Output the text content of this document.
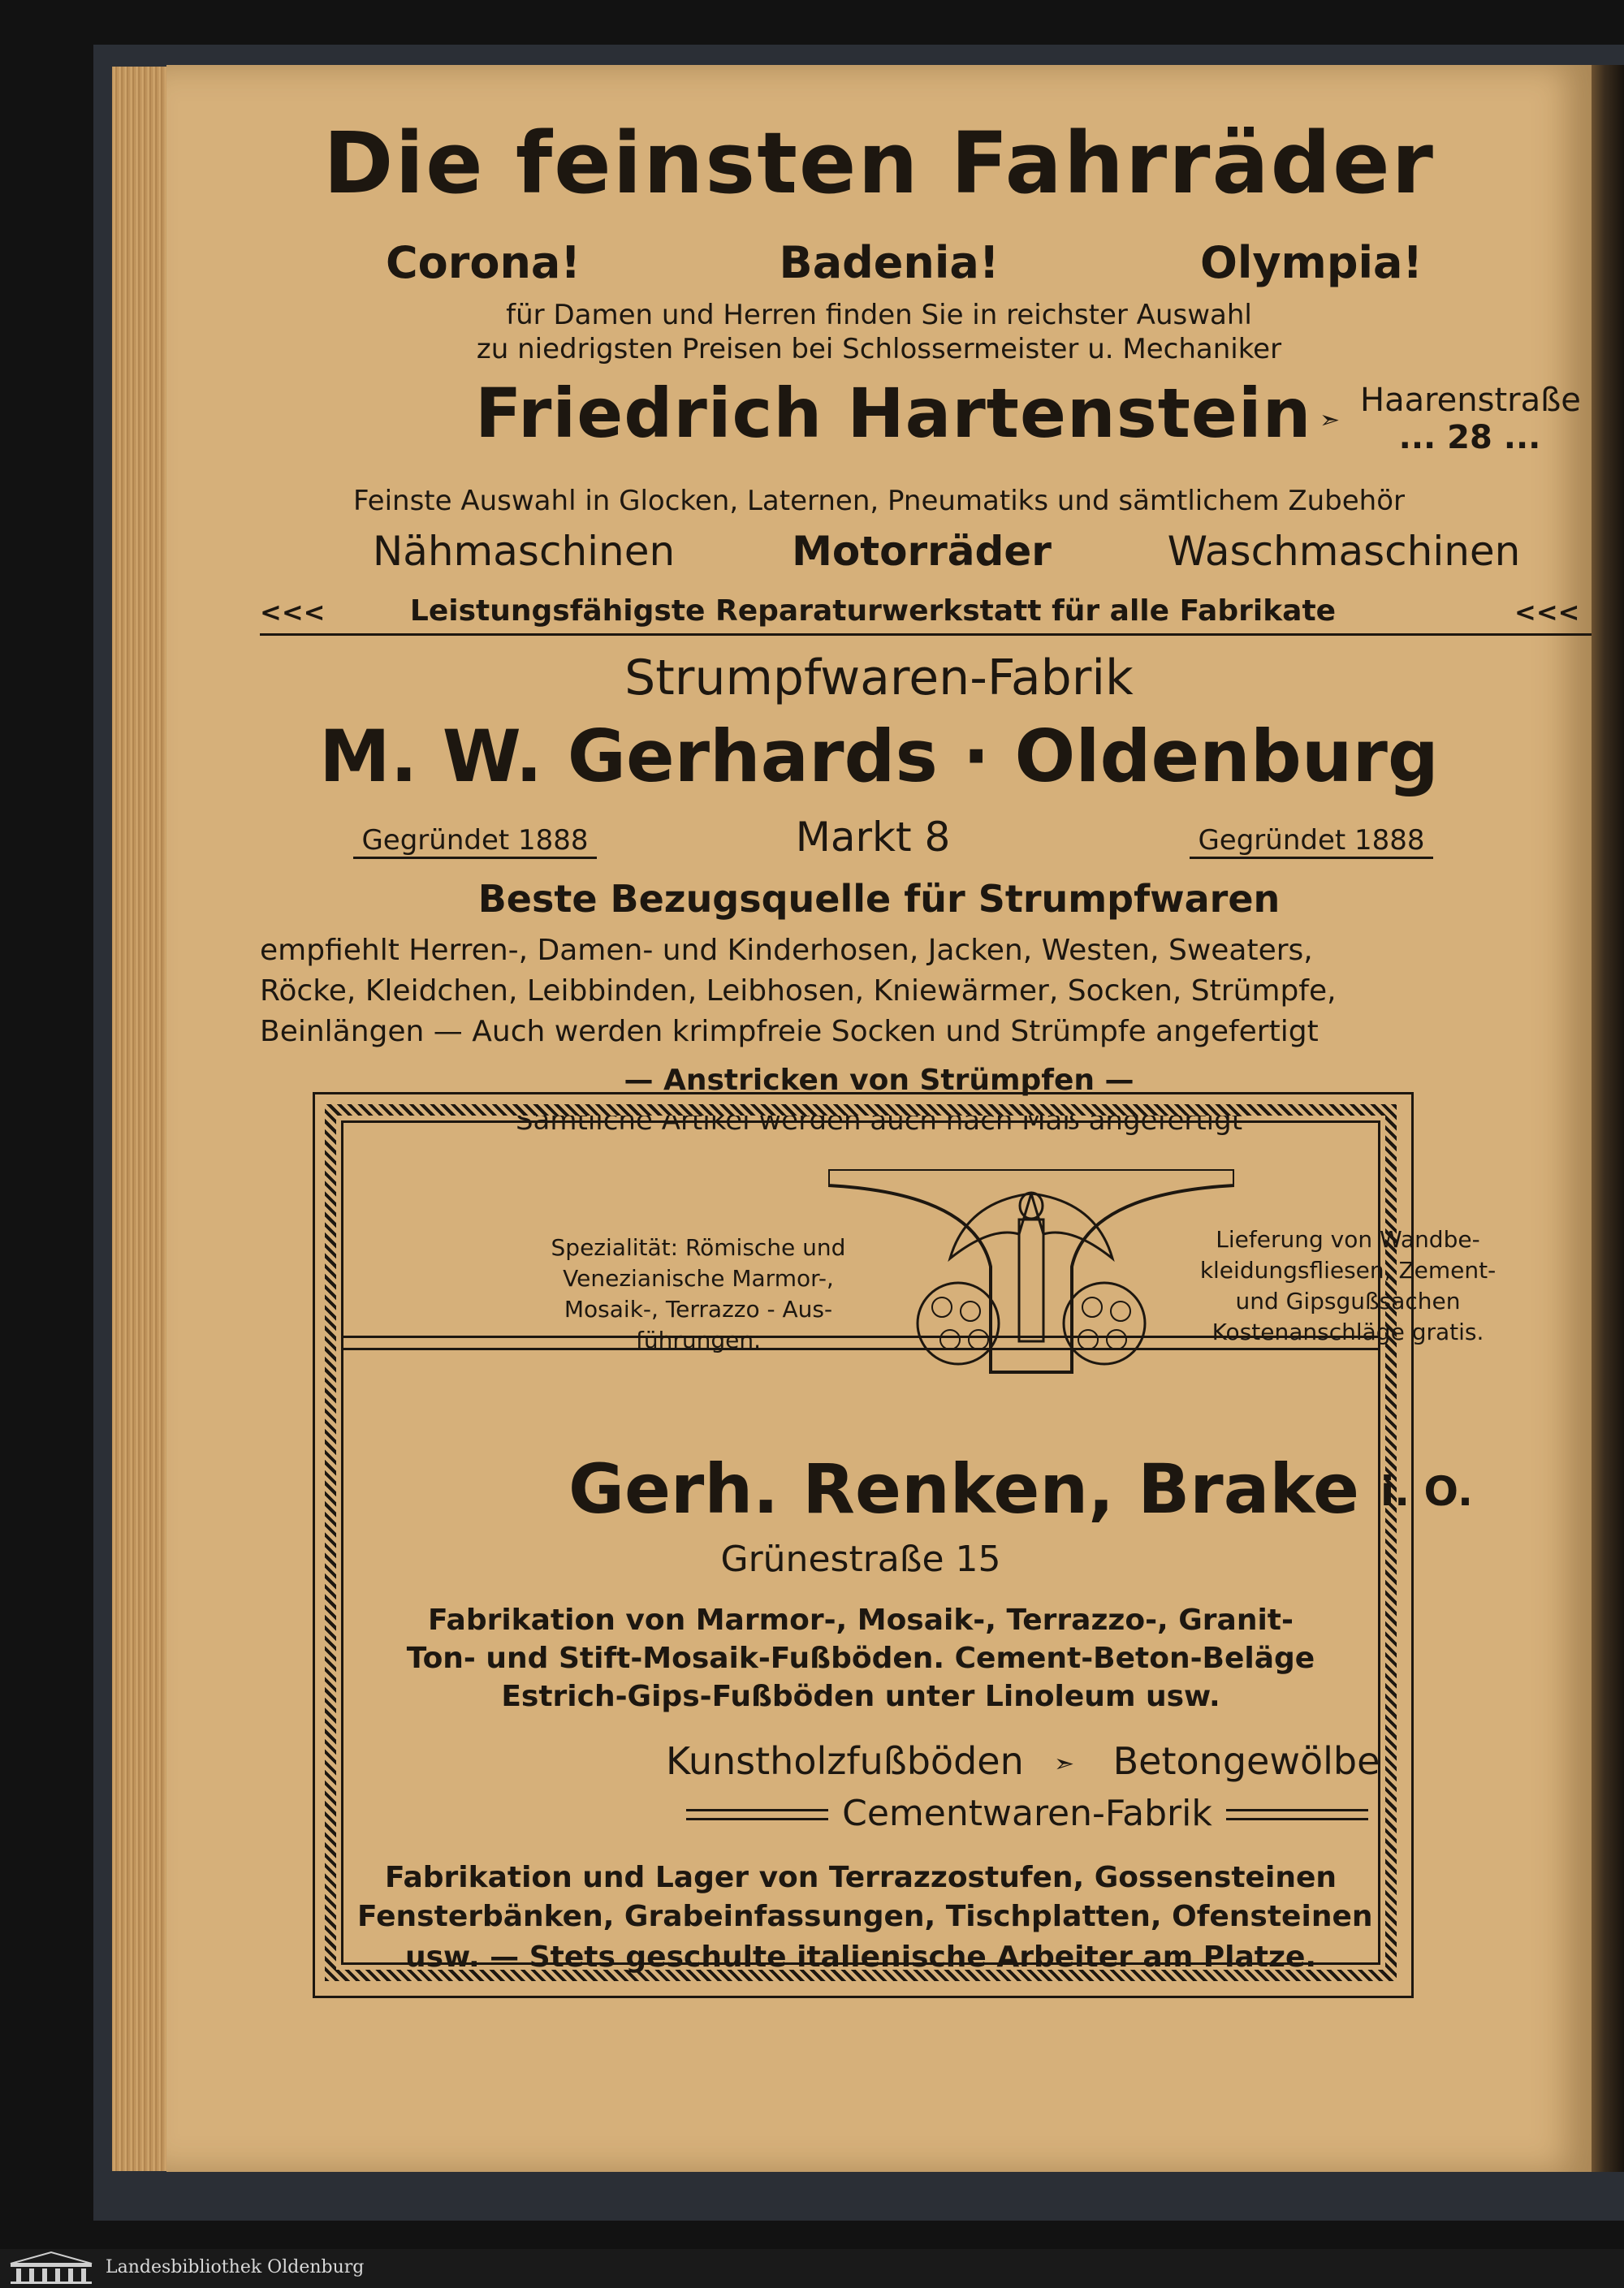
Die feinsten Fahrräder
Corona!	Badenia!	Olympia!
für Damen und Herren finden Sie in reichster Auswahl
zu niedrigsten Preisen bei Schlossermeister u. Mechaniker
Friedrich Hartenstein ➣
Haarenstraße
... 28 ...
Feinste Auswahl in Glocken, Laternen, Pneumatiks und sämtlichem Zubehör
Nähmaschinen	Motorräder	Waschmaschinen
<<<	Leistungsfähigste Reparaturwerkstatt für alle Fabrikate	<<<
Strumpfwaren-Fabrik
M. W. Gerhards · Oldenburg
Gegründet 1888	Markt 8	Gegründet 1888
Beste Bezugsquelle für Strumpfwaren
empfiehlt Herren-, Damen- und Kinderhosen, Jacken, Westen, Sweaters,
Röcke, Kleidchen, Leibbinden, Leibhosen, Kniewärmer, Socken, Strümpfe,
Beinlängen — Auch werden krimpfreie Socken und Strümpfe angefertigt
— Anstricken von Strümpfen —
Sämtliche Artikel werden auch nach Maß angefertigt
Spezialität: Römische und
Venezianische Marmor-,
Mosaik-, Terrazzo - Aus-
führungen.
Lieferung von Wandbe-
kleidungsfliesen, Zement-
und Gipsgußsachen
Kostenanschläge gratis.
Gerh. Renken, Brake i. O.
Grünestraße 15
Fabrikation von Marmor-, Mosaik-, Terrazzo-, Granit-
Ton- und Stift-Mosaik-Fußböden. Cement-Beton-Beläge
Estrich-Gips-Fußböden unter Linoleum usw.
Kunstholzfußböden ➣ Betongewölbe
Cementwaren-Fabrik
Fabrikation und Lager von Terrazzostufen, Gossensteinen
Fensterbänken, Grabeinfassungen, Tischplatten, Ofensteinen
usw. — Stets geschulte italienische Arbeiter am Platze.
Landesbibliothek Oldenburg
